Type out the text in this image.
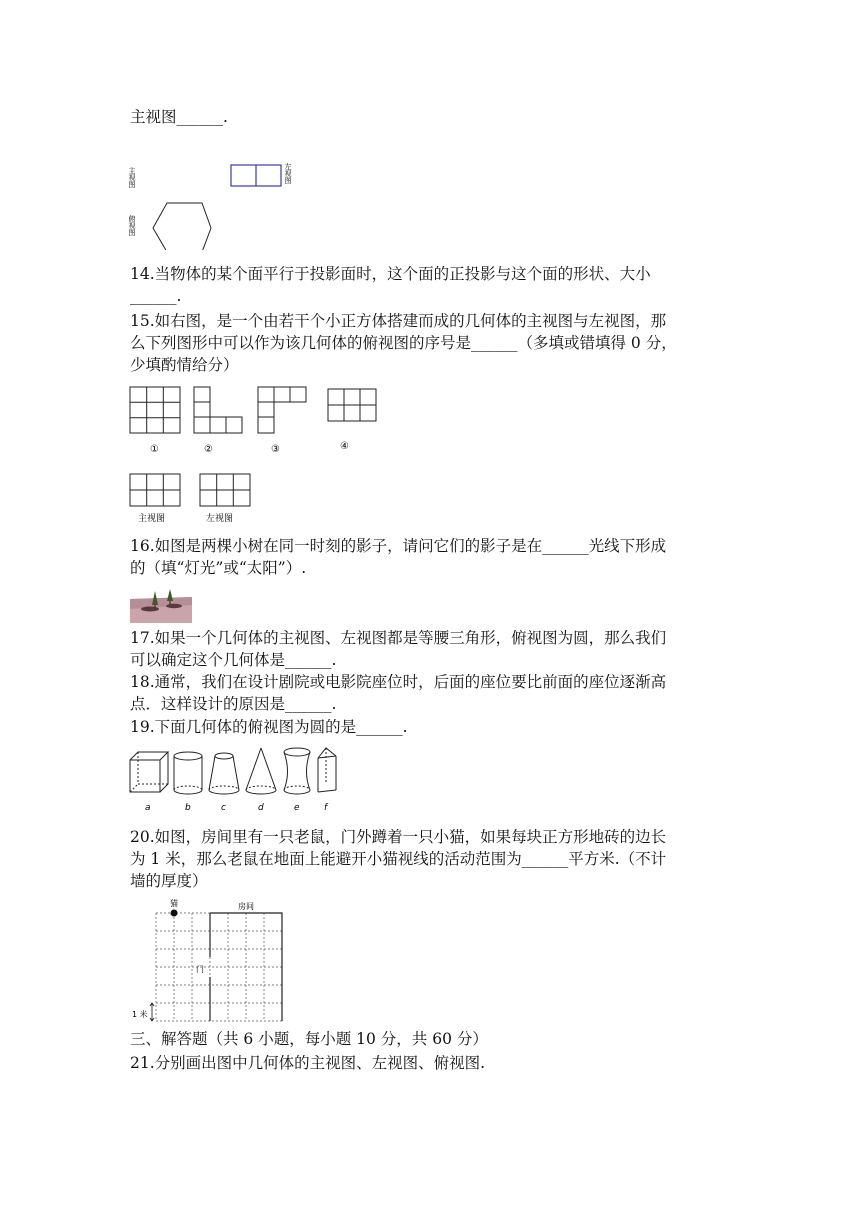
主视图______.
主视图	左视图
俯视图
14.当物体的某个面平行于投影面时，这个面的正投影与这个面的形状、大小
______.
15.如右图，是一个由若干个小正方体搭建而成的几何体的主视图与左视图，那
么下列图形中可以作为该几何体的俯视图的序号是______（多填或错填得 0 分，
少填酌情给分）
①	②	③	④
主视图	左视图
16.如图是两棵小树在同一时刻的影子，请问它们的影子是在______光线下形成
的（填“灯光”或“太阳”）.
17.如果一个几何体的主视图、左视图都是等腰三角形，俯视图为圆，那么我们
可以确定这个几何体是______.
18.通常，我们在设计剧院或电影院座位时，后面的座位要比前面的座位逐渐高
点．这样设计的原因是______.
19.下面几何体的俯视图为圆的是______.
a	b	c	d	e	f
20.如图，房间里有一只老鼠，门外蹲着一只小猫，如果每块正方形地砖的边长
为 1 米，那么老鼠在地面上能避开小猫视线的活动范围为______平方米.（不计
墙的厚度）
猫	房间
门
1 米
三、解答题（共 6 小题，每小题 10 分，共 60 分）
21.分别画出图中几何体的主视图、左视图、俯视图.
